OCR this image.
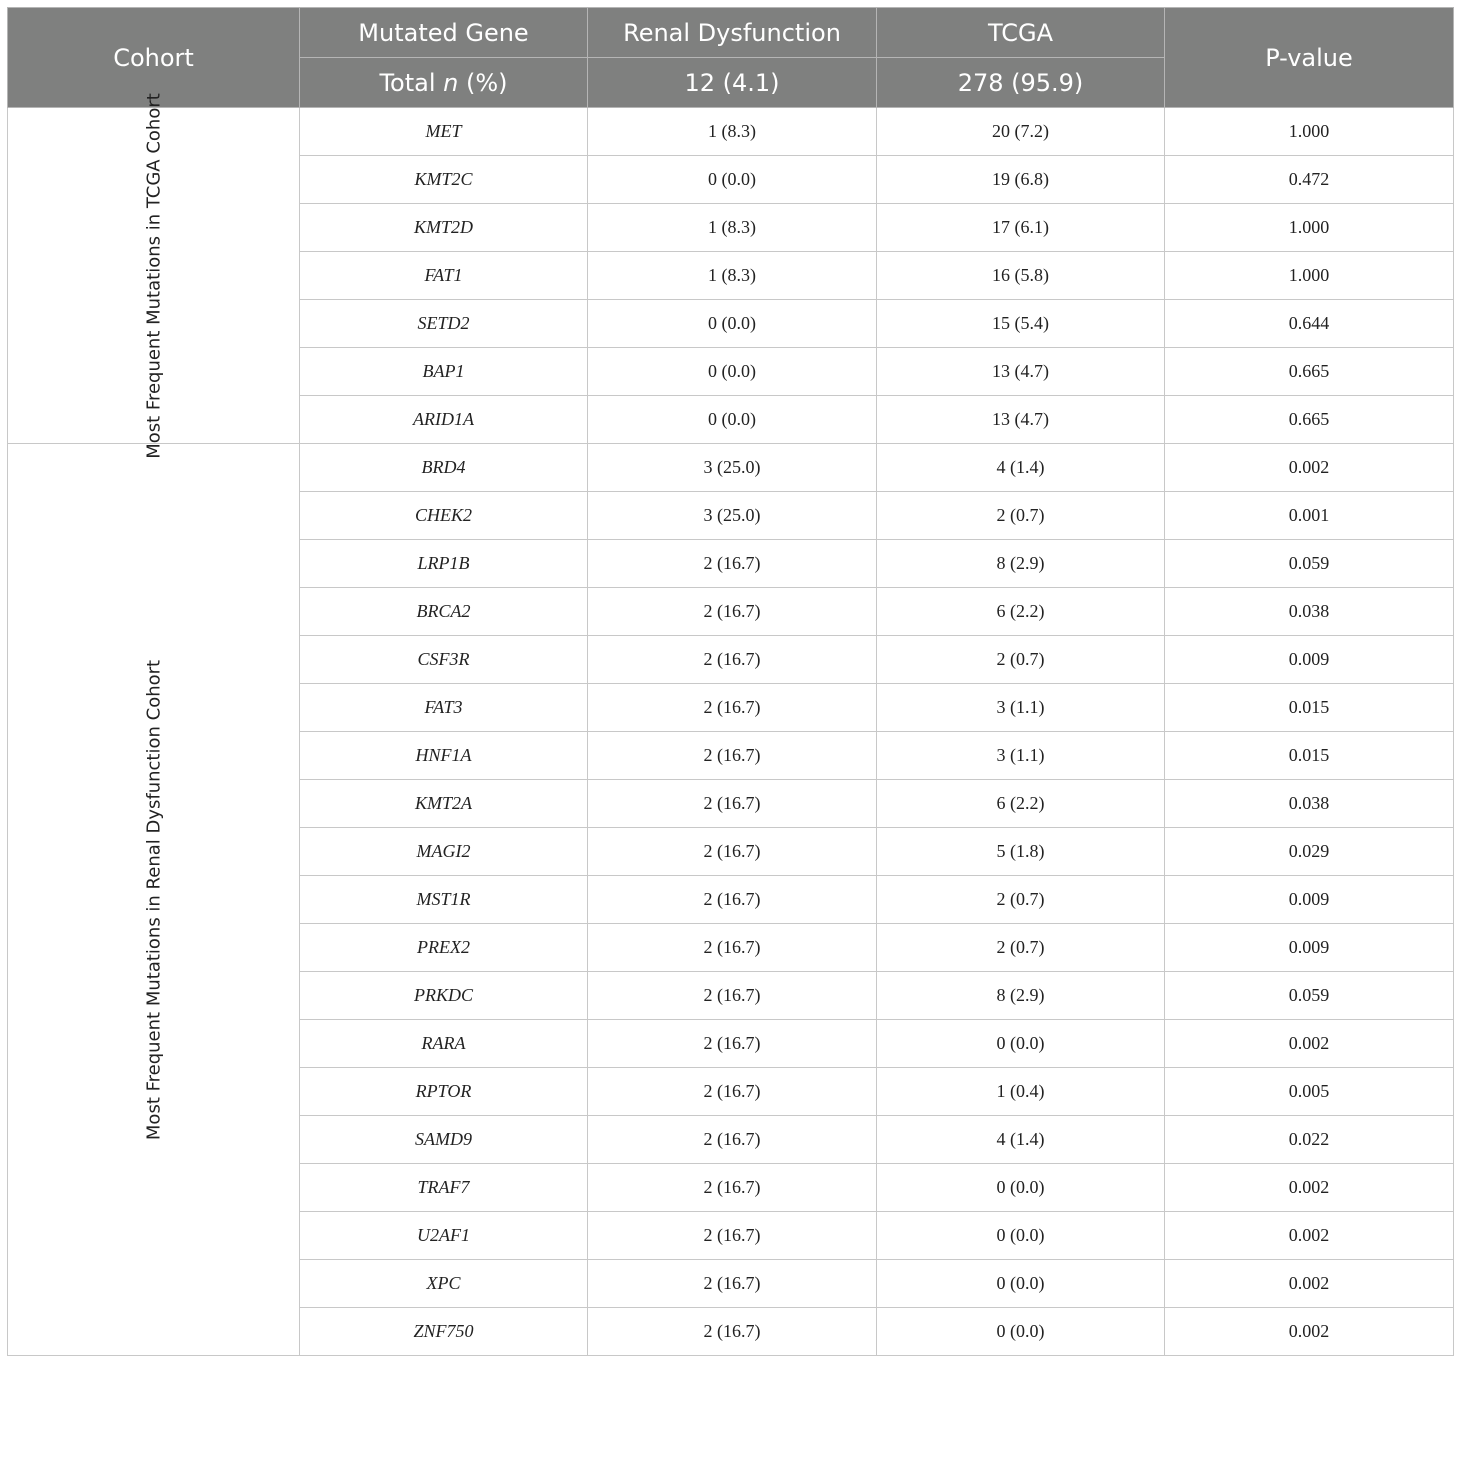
Cohort	Mutated Gene	Renal Dysfunction	TCGA	P-value
	Total n (%)	12 (4.1)	278 (95.9)	

Most Frequent Mutations in TCGA Cohort	MET	1 (8.3)	20 (7.2)	1.000
	KMT2C	0 (0.0)	19 (6.8)	0.472
	KMT2D	1 (8.3)	17 (6.1)	1.000
	FAT1	1 (8.3)	16 (5.8)	1.000
	SETD2	0 (0.0)	15 (5.4)	0.644
	BAP1	0 (0.0)	13 (4.7)	0.665
	ARID1A	0 (0.0)	13 (4.7)	0.665

Most Frequent Mutations in Renal Dysfunction Cohort	BRD4	3 (25.0)	4 (1.4)	0.002
	CHEK2	3 (25.0)	2 (0.7)	0.001
	LRP1B	2 (16.7)	8 (2.9)	0.059
	BRCA2	2 (16.7)	6 (2.2)	0.038
	CSF3R	2 (16.7)	2 (0.7)	0.009
	FAT3	2 (16.7)	3 (1.1)	0.015
	HNF1A	2 (16.7)	3 (1.1)	0.015
	KMT2A	2 (16.7)	6 (2.2)	0.038
	MAGI2	2 (16.7)	5 (1.8)	0.029
	MST1R	2 (16.7)	2 (0.7)	0.009
	PREX2	2 (16.7)	2 (0.7)	0.009
	PRKDC	2 (16.7)	8 (2.9)	0.059
	RARA	2 (16.7)	0 (0.0)	0.002
	RPTOR	2 (16.7)	1 (0.4)	0.005
	SAMD9	2 (16.7)	4 (1.4)	0.022
	TRAF7	2 (16.7)	0 (0.0)	0.002
	U2AF1	2 (16.7)	0 (0.0)	0.002
	XPC	2 (16.7)	0 (0.0)	0.002
	ZNF750	2 (16.7)	0 (0.0)	0.002
